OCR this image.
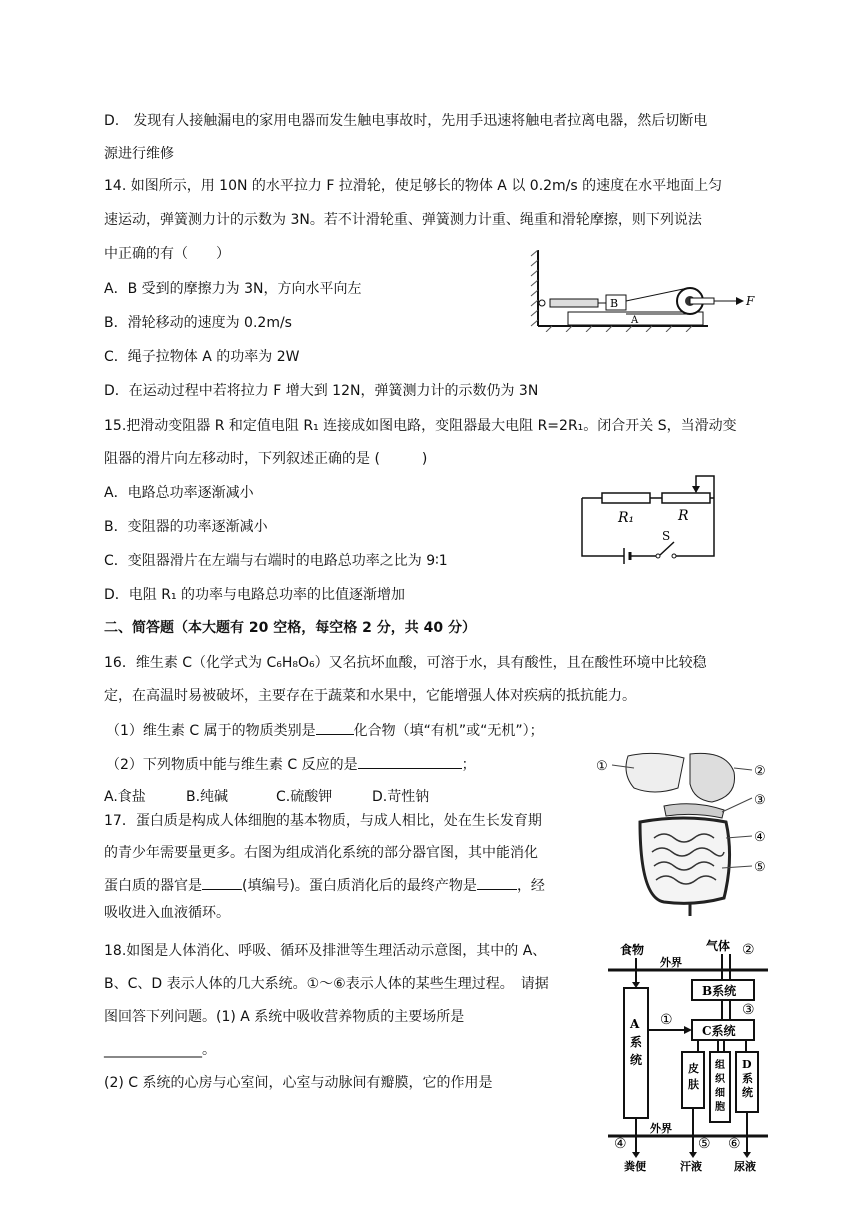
D.　发现有人接触漏电的家用电器而发生触电事故时，先用手迅速将触电者拉离电器，然后切断电
源进行维修
14. 如图所示，用 10N 的水平拉力 F 拉滑轮，使足够长的物体 A 以 0.2m/s 的速度在水平地面上匀
速运动，弹簧测力计的示数为 3N。若不计滑轮重、弹簧测力计重、绳重和滑轮摩擦，则下列说法
中正确的有（　　）
A．B 受到的摩擦力为 3N，方向水平向左
B．滑轮移动的速度为 0.2m/s
C．绳子拉物体 A 的功率为 2W
D．在运动过程中若将拉力 F 增大到 12N，弹簧测力计的示数仍为 3N
B
A
F
15.把滑动变阻器 R 和定值电阻 R₁ 连接成如图电路，变阻器最大电阻 R=2R₁。闭合开关 S，当滑动变
阻器的滑片向左移动时，下列叙述正确的是 (　　　)
A．电路总功率逐渐减小
B．变阻器的功率逐渐减小
C．变阻器滑片在左端与右端时的电路总功率之比为 9∶1
D．电阻 R₁ 的功率与电路总功率的比值逐渐增加
R₁	R
S
二、简答题（本大题有 20 空格，每空格 2 分，共 40 分）
16．维生素 C（化学式为 C₆H₈O₆）又名抗坏血酸，可溶于水，具有酸性，且在酸性环境中比较稳
定，在高温时易被破坏，主要存在于蔬菜和水果中，它能增强人体对疾病的抵抗能力。
（1）维生素 C 属于的物质类别是	化合物（填“有机”或“无机”）；
（2）下列物质中能与维生素 C 反应的是	；
A.食盐	B.纯碱	C.硫酸钾	D.苛性钠
17．蛋白质是构成人体细胞的基本物质，与成人相比，处在生长发育期
的青少年需要量更多。右图为组成消化系统的部分器官图，其中能消化
蛋白质的器官是	(填编号)。蛋白质消化后的最终产物是	，经
吸收进入血液循环。
①	②
③
④
⑤
18.如图是人体消化、呼吸、循环及排泄等生理活动示意图，其中的 A、
B、C、D 表示人体的几大系统。①～⑥表示人体的某些生理过程。　请据
图回答下列问题。(1) A 系统中吸收营养物质的主要场所是
______________。
(2) C 系统的心房与心室间，心室与动脉间有瓣膜，它的作用是
食物
外界
气体 ②
A 系统
B系统
③
①
C系统
皮肤
组织细胞
D 系统
④
外界
⑤ ⑥
粪便	汗液	尿液
